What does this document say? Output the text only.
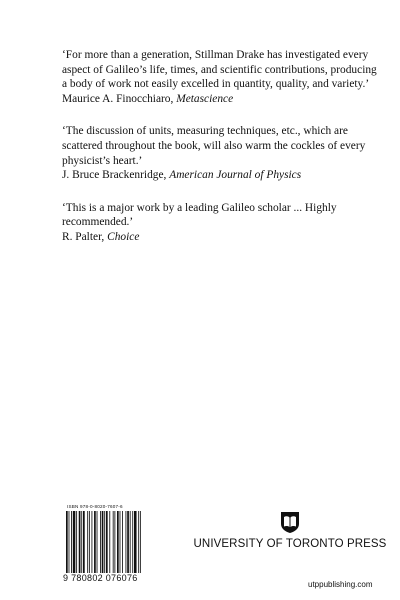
‘For more than a generation, Stillman Drake has investigated every aspect of Galileo’s life, times, and scientific contributions, producing a body of work not easily excelled in quantity, quality, and variety.’

Maurice A. Finocchiaro, Metascience

‘The discussion of units, measuring techniques, etc., which are scattered throughout the book, will also warm the cockles of every physicist’s heart.’

J. Bruce Brackenridge, American Journal of Physics

‘This is a major work by a leading Galileo scholar ... Highly recommended.’

R. Palter, Choice

ISBN 978-0-8020-7607-6
9 780802 076076

UNIVERSITY OF TORONTO PRESS

utppublishing.com
